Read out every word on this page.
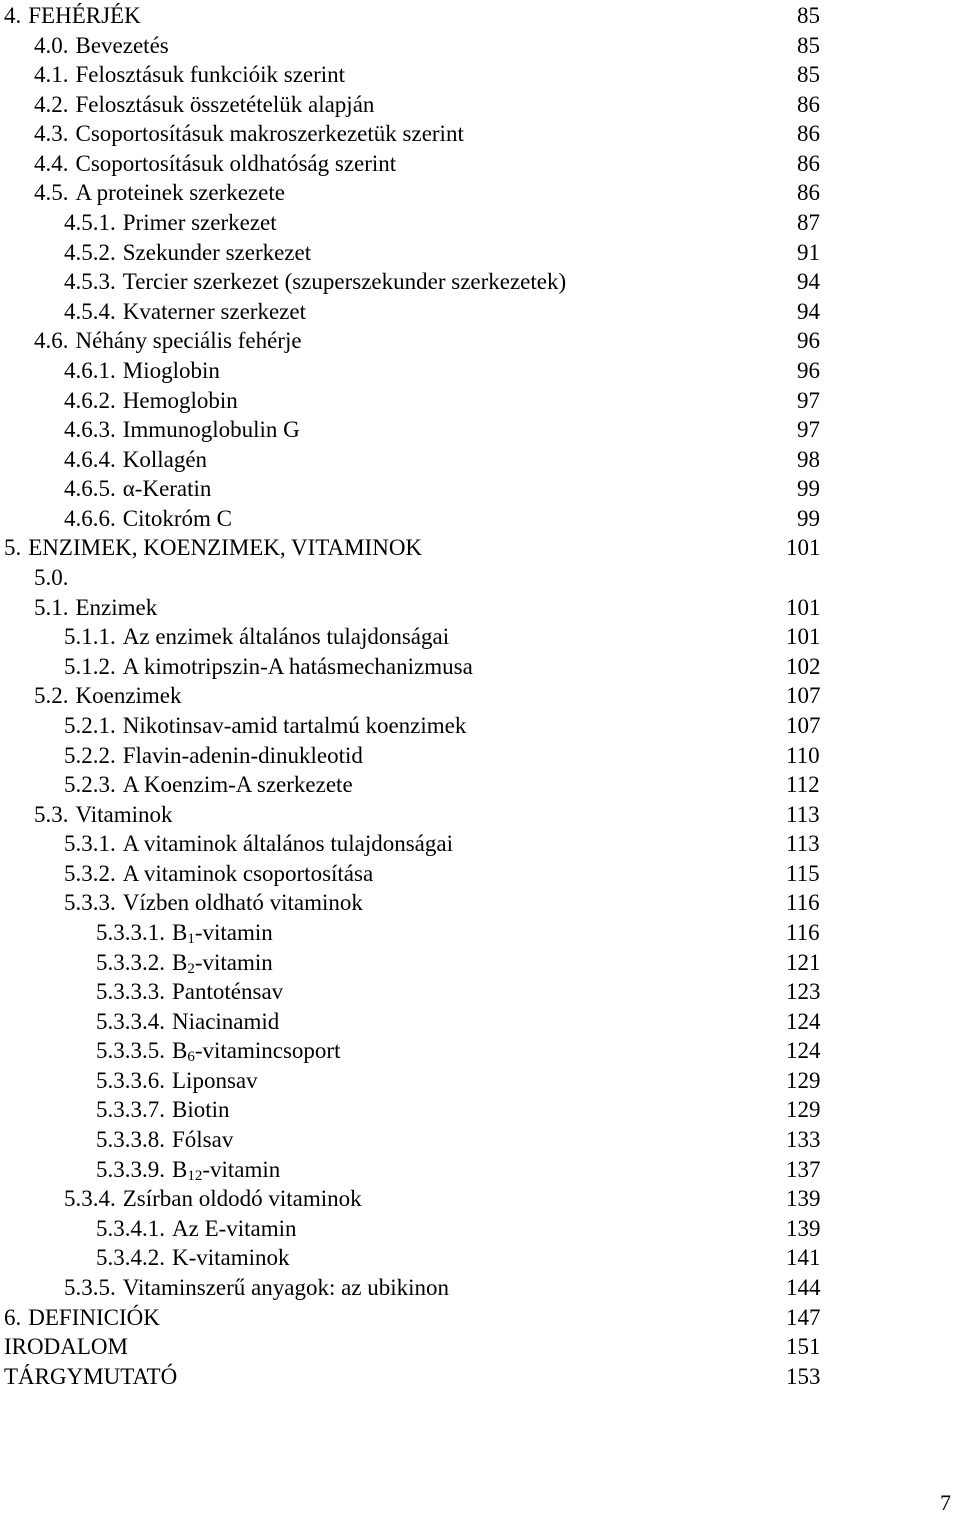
4. FEHÉRJÉK	85
4.0. Bevezetés	85
4.1. Felosztásuk funkcióik szerint	85
4.2. Felosztásuk összetételük alapján	86
4.3. Csoportosításuk makroszerkezetük szerint	86
4.4. Csoportosításuk oldhatóság szerint	86
4.5. A proteinek szerkezete	86
4.5.1. Primer szerkezet	87
4.5.2. Szekunder szerkezet	91
4.5.3. Tercier szerkezet (szuperszekunder szerkezetek)	94
4.5.4. Kvaterner szerkezet	94
4.6. Néhány speciális fehérje	96
4.6.1. Mioglobin	96
4.6.2. Hemoglobin	97
4.6.3. Immunoglobulin G	97
4.6.4. Kollagén	98
4.6.5. α-Keratin	99
4.6.6. Citokróm C	99
5. ENZIMEK, KOENZIMEK, VITAMINOK	101
5.0.
5.1. Enzimek	101
5.1.1. Az enzimek általános tulajdonságai	101
5.1.2. A kimotripszin-A hatásmechanizmusa	102
5.2. Koenzimek	107
5.2.1. Nikotinsav-amid tartalmú koenzimek	107
5.2.2. Flavin-adenin-dinukleotid	110
5.2.3. A Koenzim-A szerkezete	112
5.3. Vitaminok	113
5.3.1. A vitaminok általános tulajdonságai	113
5.3.2. A vitaminok csoportosítása	115
5.3.3. Vízben oldható vitaminok	116
5.3.3.1. $B_1$-vitamin	116
5.3.3.2. $B_2$-vitamin	121
5.3.3.3. Pantoténsav	123
5.3.3.4. Niacinamid	124
5.3.3.5. $B_6$-vitamincsoport	124
5.3.3.6. Liponsav	129
5.3.3.7. Biotin	129
5.3.3.8. Fólsav	133
5.3.3.9. $B_{12}$-vitamin	137
5.3.4. Zsírban oldodó vitaminok	139
5.3.4.1. Az E-vitamin	139
5.3.4.2. K-vitaminok	141
5.3.5. Vitaminszerű anyagok: az ubikinon	144
6. DEFINICIÓK	147
IRODALOM	151
TÁRGYMUTATÓ	153
7
